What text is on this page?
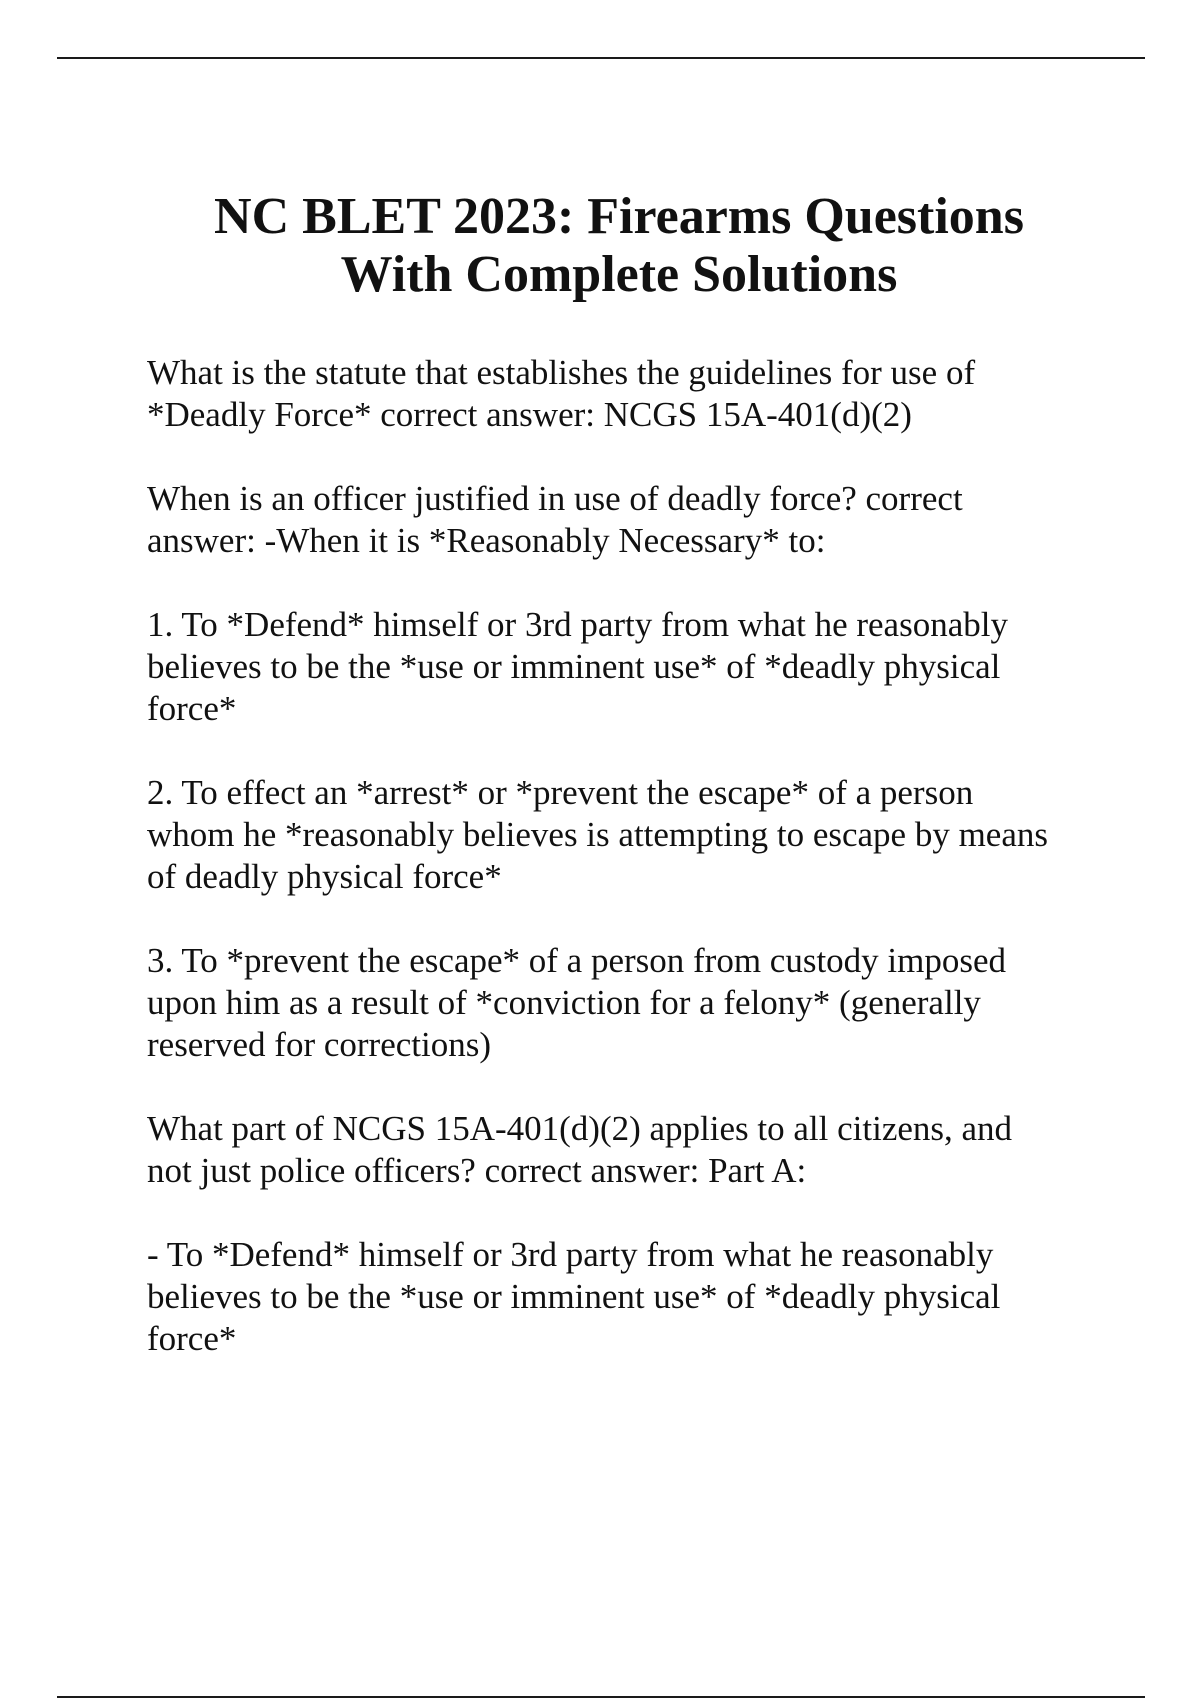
NC BLET 2023: Firearms Questions
With Complete Solutions

What is the statute that establishes the guidelines for use of
*Deadly Force* correct answer: NCGS 15A-401(d)(2)

When is an officer justified in use of deadly force? correct
answer: -When it is *Reasonably Necessary* to:

1. To *Defend* himself or 3rd party from what he reasonably
believes to be the *use or imminent use* of *deadly physical
force*

2. To effect an *arrest* or *prevent the escape* of a person
whom he *reasonably believes is attempting to escape by means
of deadly physical force*

3. To *prevent the escape* of a person from custody imposed
upon him as a result of *conviction for a felony* (generally
reserved for corrections)

What part of NCGS 15A-401(d)(2) applies to all citizens, and
not just police officers? correct answer: Part A:

- To *Defend* himself or 3rd party from what he reasonably
believes to be the *use or imminent use* of *deadly physical
force*
